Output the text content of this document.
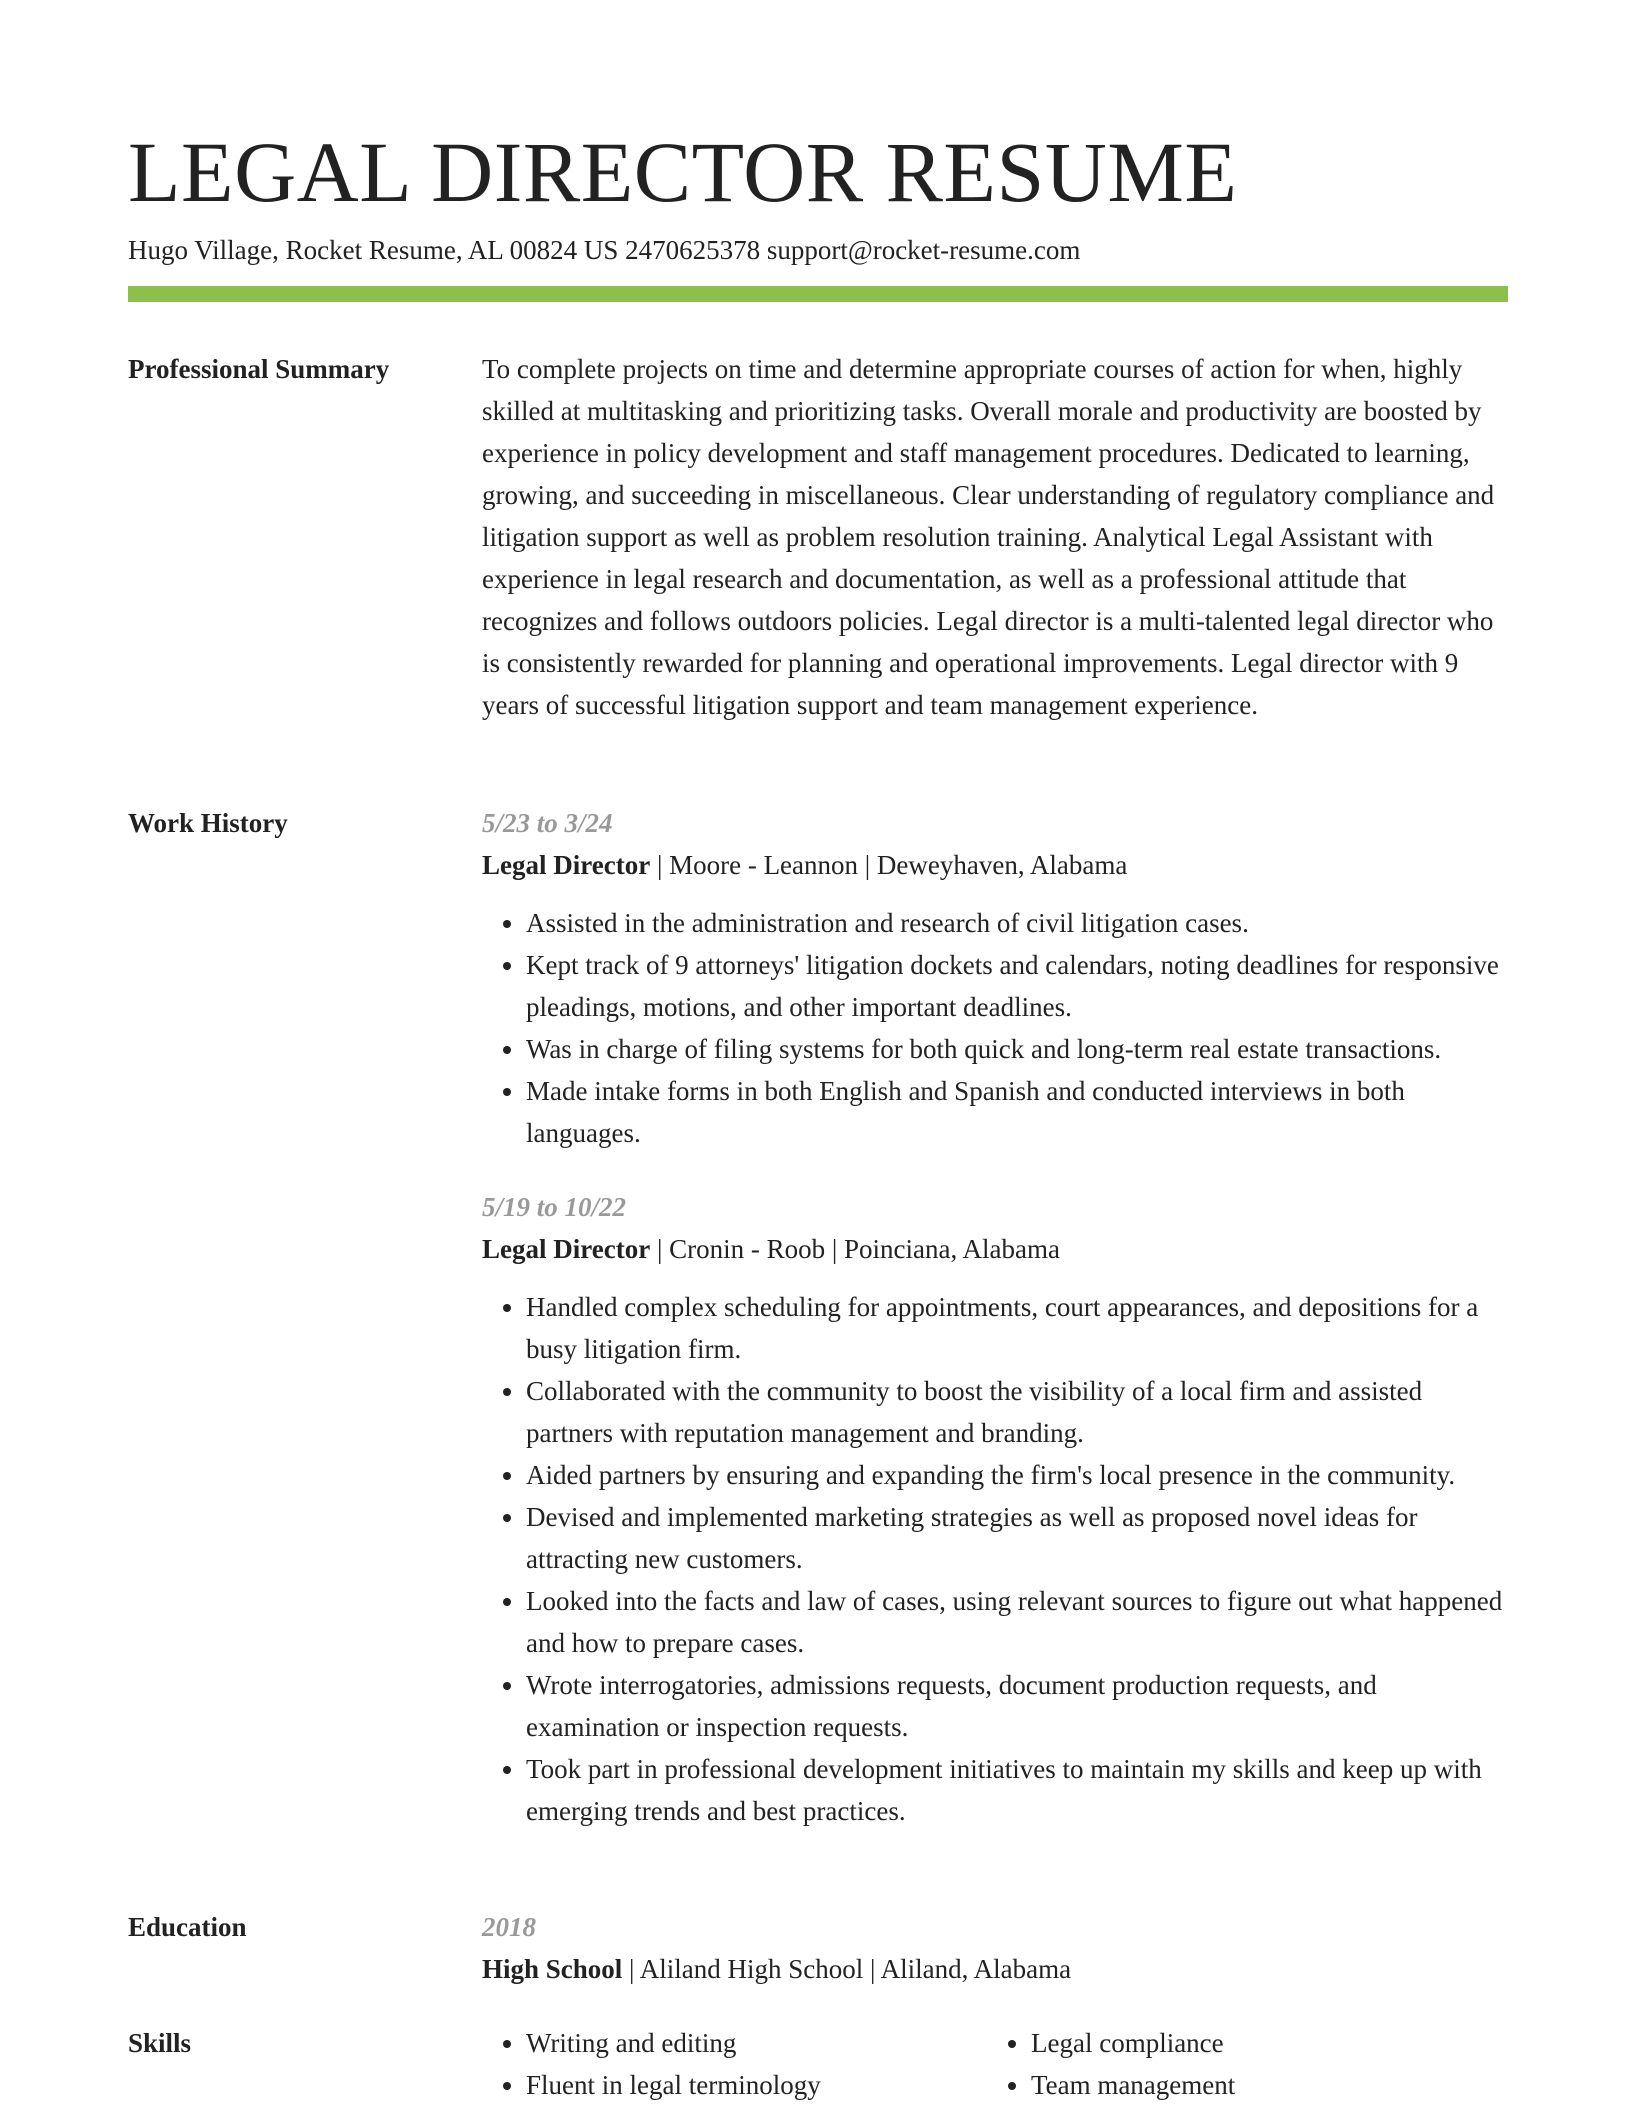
LEGAL DIRECTOR RESUME
Hugo Village, Rocket Resume, AL 00824 US 2470625378 support@rocket-resume.com
Professional Summary	To complete projects on time and determine appropriate courses of action for when, highly skilled at multitasking and prioritizing tasks. Overall morale and productivity are boosted by experience in policy development and staff management procedures. Dedicated to learning, growing, and succeeding in miscellaneous. Clear understanding of regulatory compliance and litigation support as well as problem resolution training. Analytical Legal Assistant with experience in legal research and documentation, as well as a professional attitude that recognizes and follows outdoors policies. Legal director is a multi-talented legal director who is consistently rewarded for planning and operational improvements. Legal director with 9 years of successful litigation support and team management experience.

Work History	5/23 to 3/24
Legal Director | Moore - Leannon | Deweyhaven, Alabama
• Assisted in the administration and research of civil litigation cases.
• Kept track of 9 attorneys' litigation dockets and calendars, noting deadlines for responsive pleadings, motions, and other important deadlines.
• Was in charge of filing systems for both quick and long-term real estate transactions.
• Made intake forms in both English and Spanish and conducted interviews in both languages.
5/19 to 10/22
Legal Director | Cronin - Roob | Poinciana, Alabama
• Handled complex scheduling for appointments, court appearances, and depositions for a busy litigation firm.
• Collaborated with the community to boost the visibility of a local firm and assisted partners with reputation management and branding.
• Aided partners by ensuring and expanding the firm's local presence in the community.
• Devised and implemented marketing strategies as well as proposed novel ideas for attracting new customers.
• Looked into the facts and law of cases, using relevant sources to figure out what happened and how to prepare cases.
• Wrote interrogatories, admissions requests, document production requests, and examination or inspection requests.
• Took part in professional development initiatives to maintain my skills and keep up with emerging trends and best practices.
Education	2018
High School | Aliland High School | Aliland, Alabama
Skills
•	Writing and editing
• Fluent in legal terminology
• Legal compliance
• Team management
